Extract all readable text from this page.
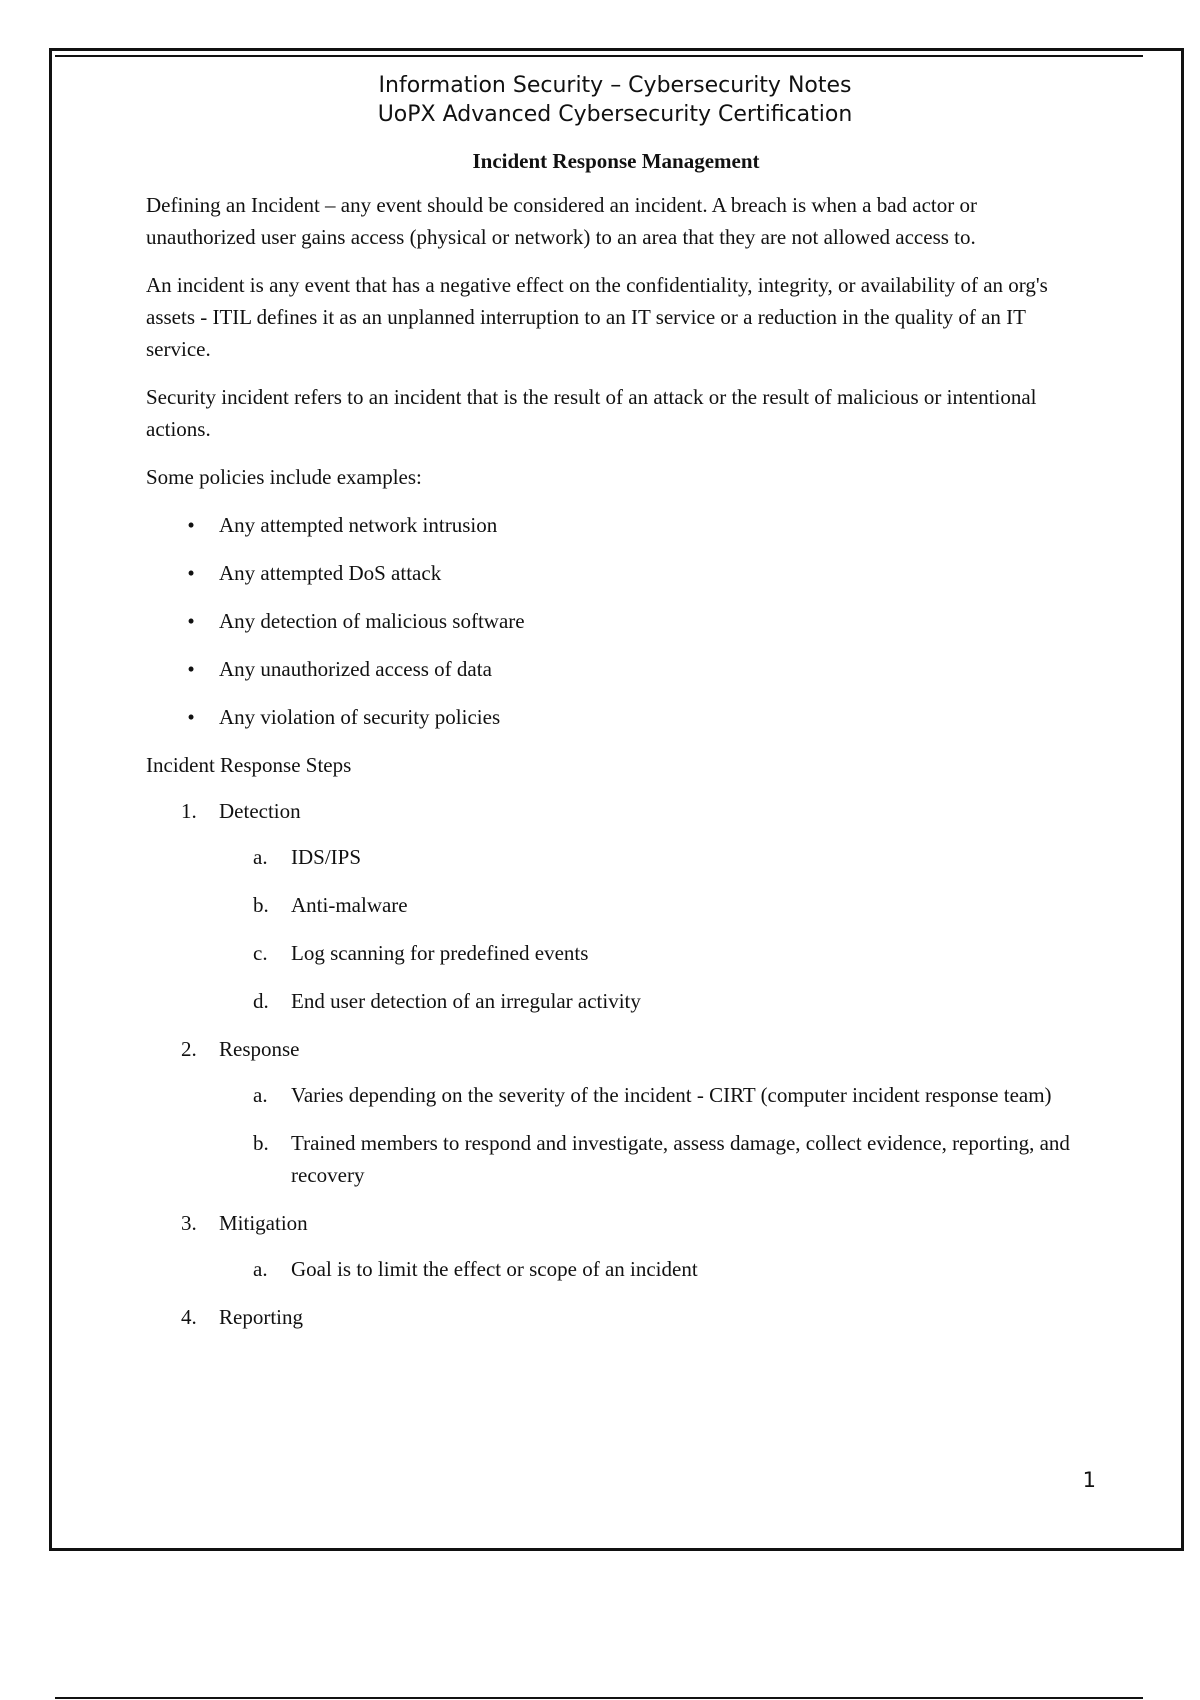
Information Security – Cybersecurity Notes
UoPX Advanced Cybersecurity Certification
Incident Response Management

Defining an Incident – any event should be considered an incident. A breach is when a bad actor or unauthorized user gains access (physical or network) to an area that they are not allowed access to.

An incident is any event that has a negative effect on the confidentiality, integrity, or availability of an org's assets - ITIL defines it as an unplanned interruption to an IT service or a reduction in the quality of an IT service.

Security incident refers to an incident that is the result of an attack or the result of malicious or intentional actions.

Some policies include examples:

•	Any attempted network intrusion
•	Any attempted DoS attack
•	Any detection of malicious software
•	Any unauthorized access of data
•	Any violation of security policies
Incident Response Steps
1. Detection
a. IDS/IPS
b. Anti-malware
c. Log scanning for predefined events
d. End user detection of an irregular activity
2. Response
a. Varies depending on the severity of the incident - CIRT (computer incident response team)
b. Trained members to respond and investigate, assess damage, collect evidence, reporting, and recovery
3. Mitigation
a. Goal is to limit the effect or scope of an incident
4. Reporting
1
